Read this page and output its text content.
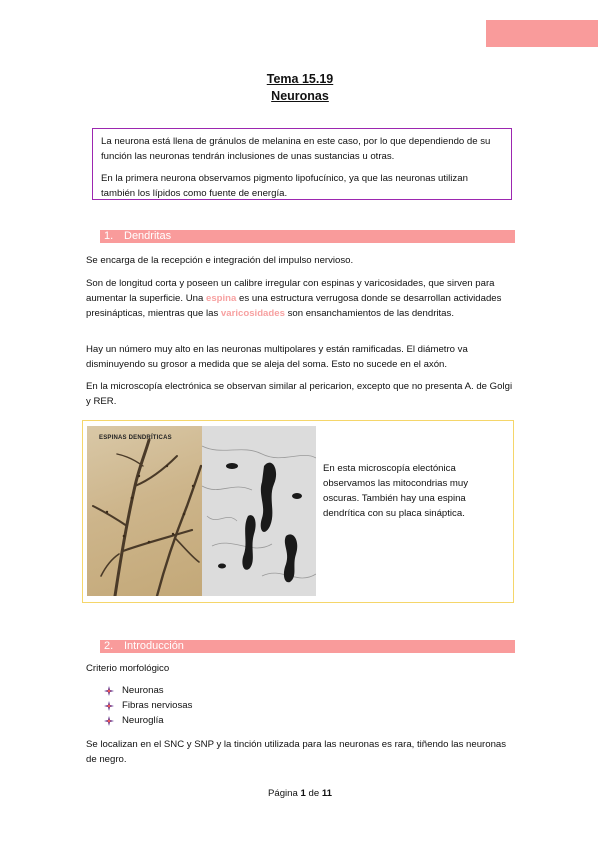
Tema 15.19
Neuronas

La neurona está llena de gránulos de melanina en este caso, por lo que dependiendo de su función las neuronas tendrán inclusiones de unas sustancias u otras.

En la primera neurona observamos pigmento lipofucínico, ya que las neuronas utilizan también los lípidos como fuente de energía.

1. Dendritas

Se encarga de la recepción e integración del impulso nervioso.

Son de longitud corta y poseen un calibre irregular con espinas y varicosidades, que sirven para aumentar la superficie. Una espina es una estructura verrugosa donde se desarrollan actividades presinápticas, mientras que las varicosidades son ensanchamientos de las dendritas.

Hay un número muy alto en las neuronas multipolares y están ramificadas. El diámetro va disminuyendo su grosor a medida que se aleja del soma. Esto no sucede en el axón.

En la microscopía electrónica se observan similar al pericarion, excepto que no presenta A. de Golgi y RER.

ESPINAS DENDRÍTICAS
En esta microscopía electónica observamos las mitocondrias muy oscuras. También hay una espina dendrítica con su placa sináptica.
2. Introducción

Criterio morfológico

Neuronas
Fibras nerviosas
Neuroglía

Se localizan en el SNC y SNP y la tinción utilizada para las neuronas es rara, tiñendo las neuronas de negro.

Página 1 de 11
